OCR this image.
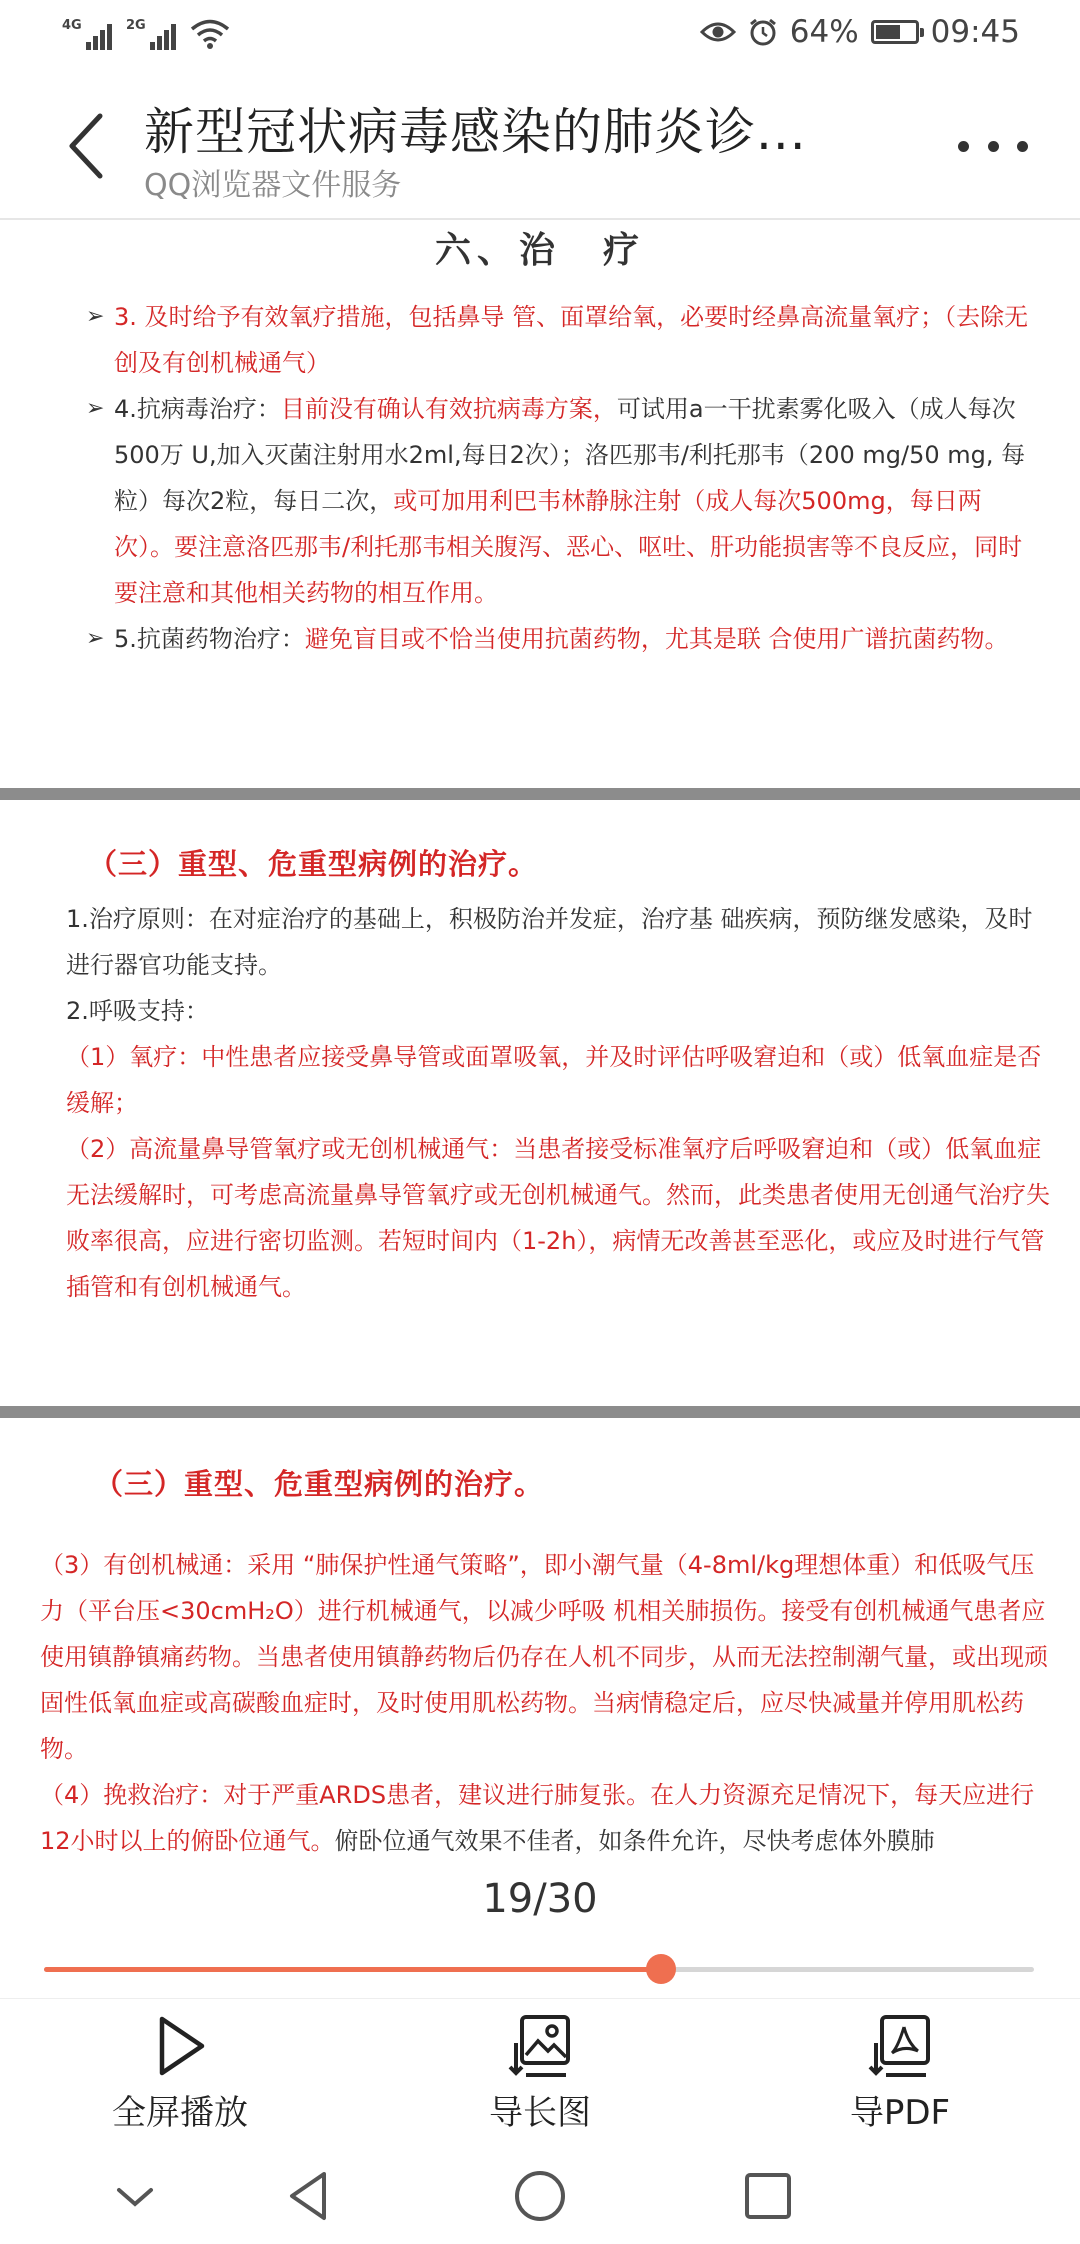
4G	2G	64% 09:45
新型冠状病毒感染的肺炎诊...
QQ浏览器文件服务
六、治　疗
➢ 3. 及时给予有效氧疗措施，包括鼻导 管、面罩给氧，必要时经鼻高流量氧疗；（去除无创及有创机械通气）
➢ 4.抗病毒治疗：目前没有确认有效抗病毒方案，可试用a一干扰素雾化吸入（成人每次500万 U,加入灭菌注射用水2ml,每日2次）；洛匹那韦/利托那韦（200 mg/50 mg, 每粒）每次2粒，每日二次，或可加用利巴韦林静脉注射（成人每次500mg，每日两次）。要注意洛匹那韦/利托那韦相关腹泻、恶心、呕吐、肝功能损害等不良反应，同时要注意和其他相关药物的相互作用。
➢ 5.抗菌药物治疗：避免盲目或不恰当使用抗菌药物，尤其是联 合使用广谱抗菌药物。
（三）重型、危重型病例的治疗。

1.治疗原则：在对症治疗的基础上，积极防治并发症，治疗基 础疾病，预防继发感染，及时进行器官功能支持。

2.呼吸支持：

（1）氧疗：中性患者应接受鼻导管或面罩吸氧，并及时评估呼吸窘迫和（或）低氧血症是否缓解；

（2）高流量鼻导管氧疗或无创机械通气：当患者接受标准氧疗后呼吸窘迫和（或）低氧血症无法缓解时，可考虑高流量鼻导管氧疗或无创机械通气。然而，此类患者使用无创通气治疗失败率很高，应进行密切监测。若短时间内（1-2h），病情无改善甚至恶化，或应及时进行气管插管和有创机械通气。

（三）重型、危重型病例的治疗。

（3）有创机械通：采用 “肺保护性通气策略”，即小潮气量（4-8ml/kg理想体重）和低吸气压力（平台压<30cmH₂O）进行机械通气，以减少呼吸 机相关肺损伤。接受有创机械通气患者应使用镇静镇痛药物。当患者使用镇静药物后仍存在人机不同步，从而无法控制潮气量，或出现顽固性低氧血症或高碳酸血症时，及时使用肌松药物。当病情稳定后，应尽快减量并停用肌松药物。

（4）挽救治疗：对于严重ARDS患者，建议进行肺复张。在人力资源充足情况下，每天应进行12小时以上的俯卧位通气。俯卧位通气效果不佳者，如条件允许，尽快考虑体外膜肺

19/30
全屏播放	导长图	导PDF
